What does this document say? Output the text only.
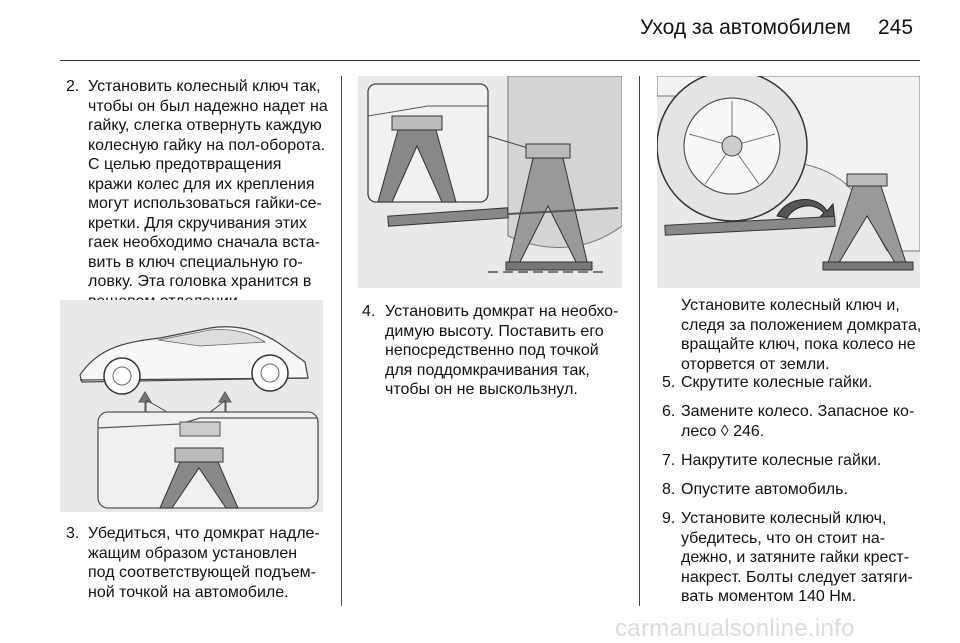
Уход за автомобилем 245
2. Установить колесный ключ так,
чтобы он был надежно надет на
гайку, слегка отвернуть каждую
колесную гайку на пол-оборота.
С целью предотвращения
кражи колес для их крепления
могут использоваться гайки-се-
кретки. Для скручивания этих
гаек необходимо сначала вста-
вить в ключ специальную го-
ловку. Эта головка хранится в
3. Убедиться, что домкрат надле-
жащим образом установлен
под соответствующей подъем-
ной точкой на автомобиле.
4. Установить домкрат на необхо-
димую высоту. Поставить его
непосредственно под точкой
для поддомкрачивания так,
чтобы он не выскользнул.
Установите колесный ключ и,
следя за положением домкрата,
вращайте ключ, пока колесо не
оторвется от земли.
5. Скрутите колесные гайки.
6. Замените колесо. Запасное ко-
лесо ◊ 246.
7. Накрутите колесные гайки.
8. Опустите автомобиль.
9. Установите колесный ключ,
убедитесь, что он стоит на-
дежно, и затяните гайки крест-
накрест. Болты следует затяги-
вать моментом 140 Нм.
carmanualsonline.info
